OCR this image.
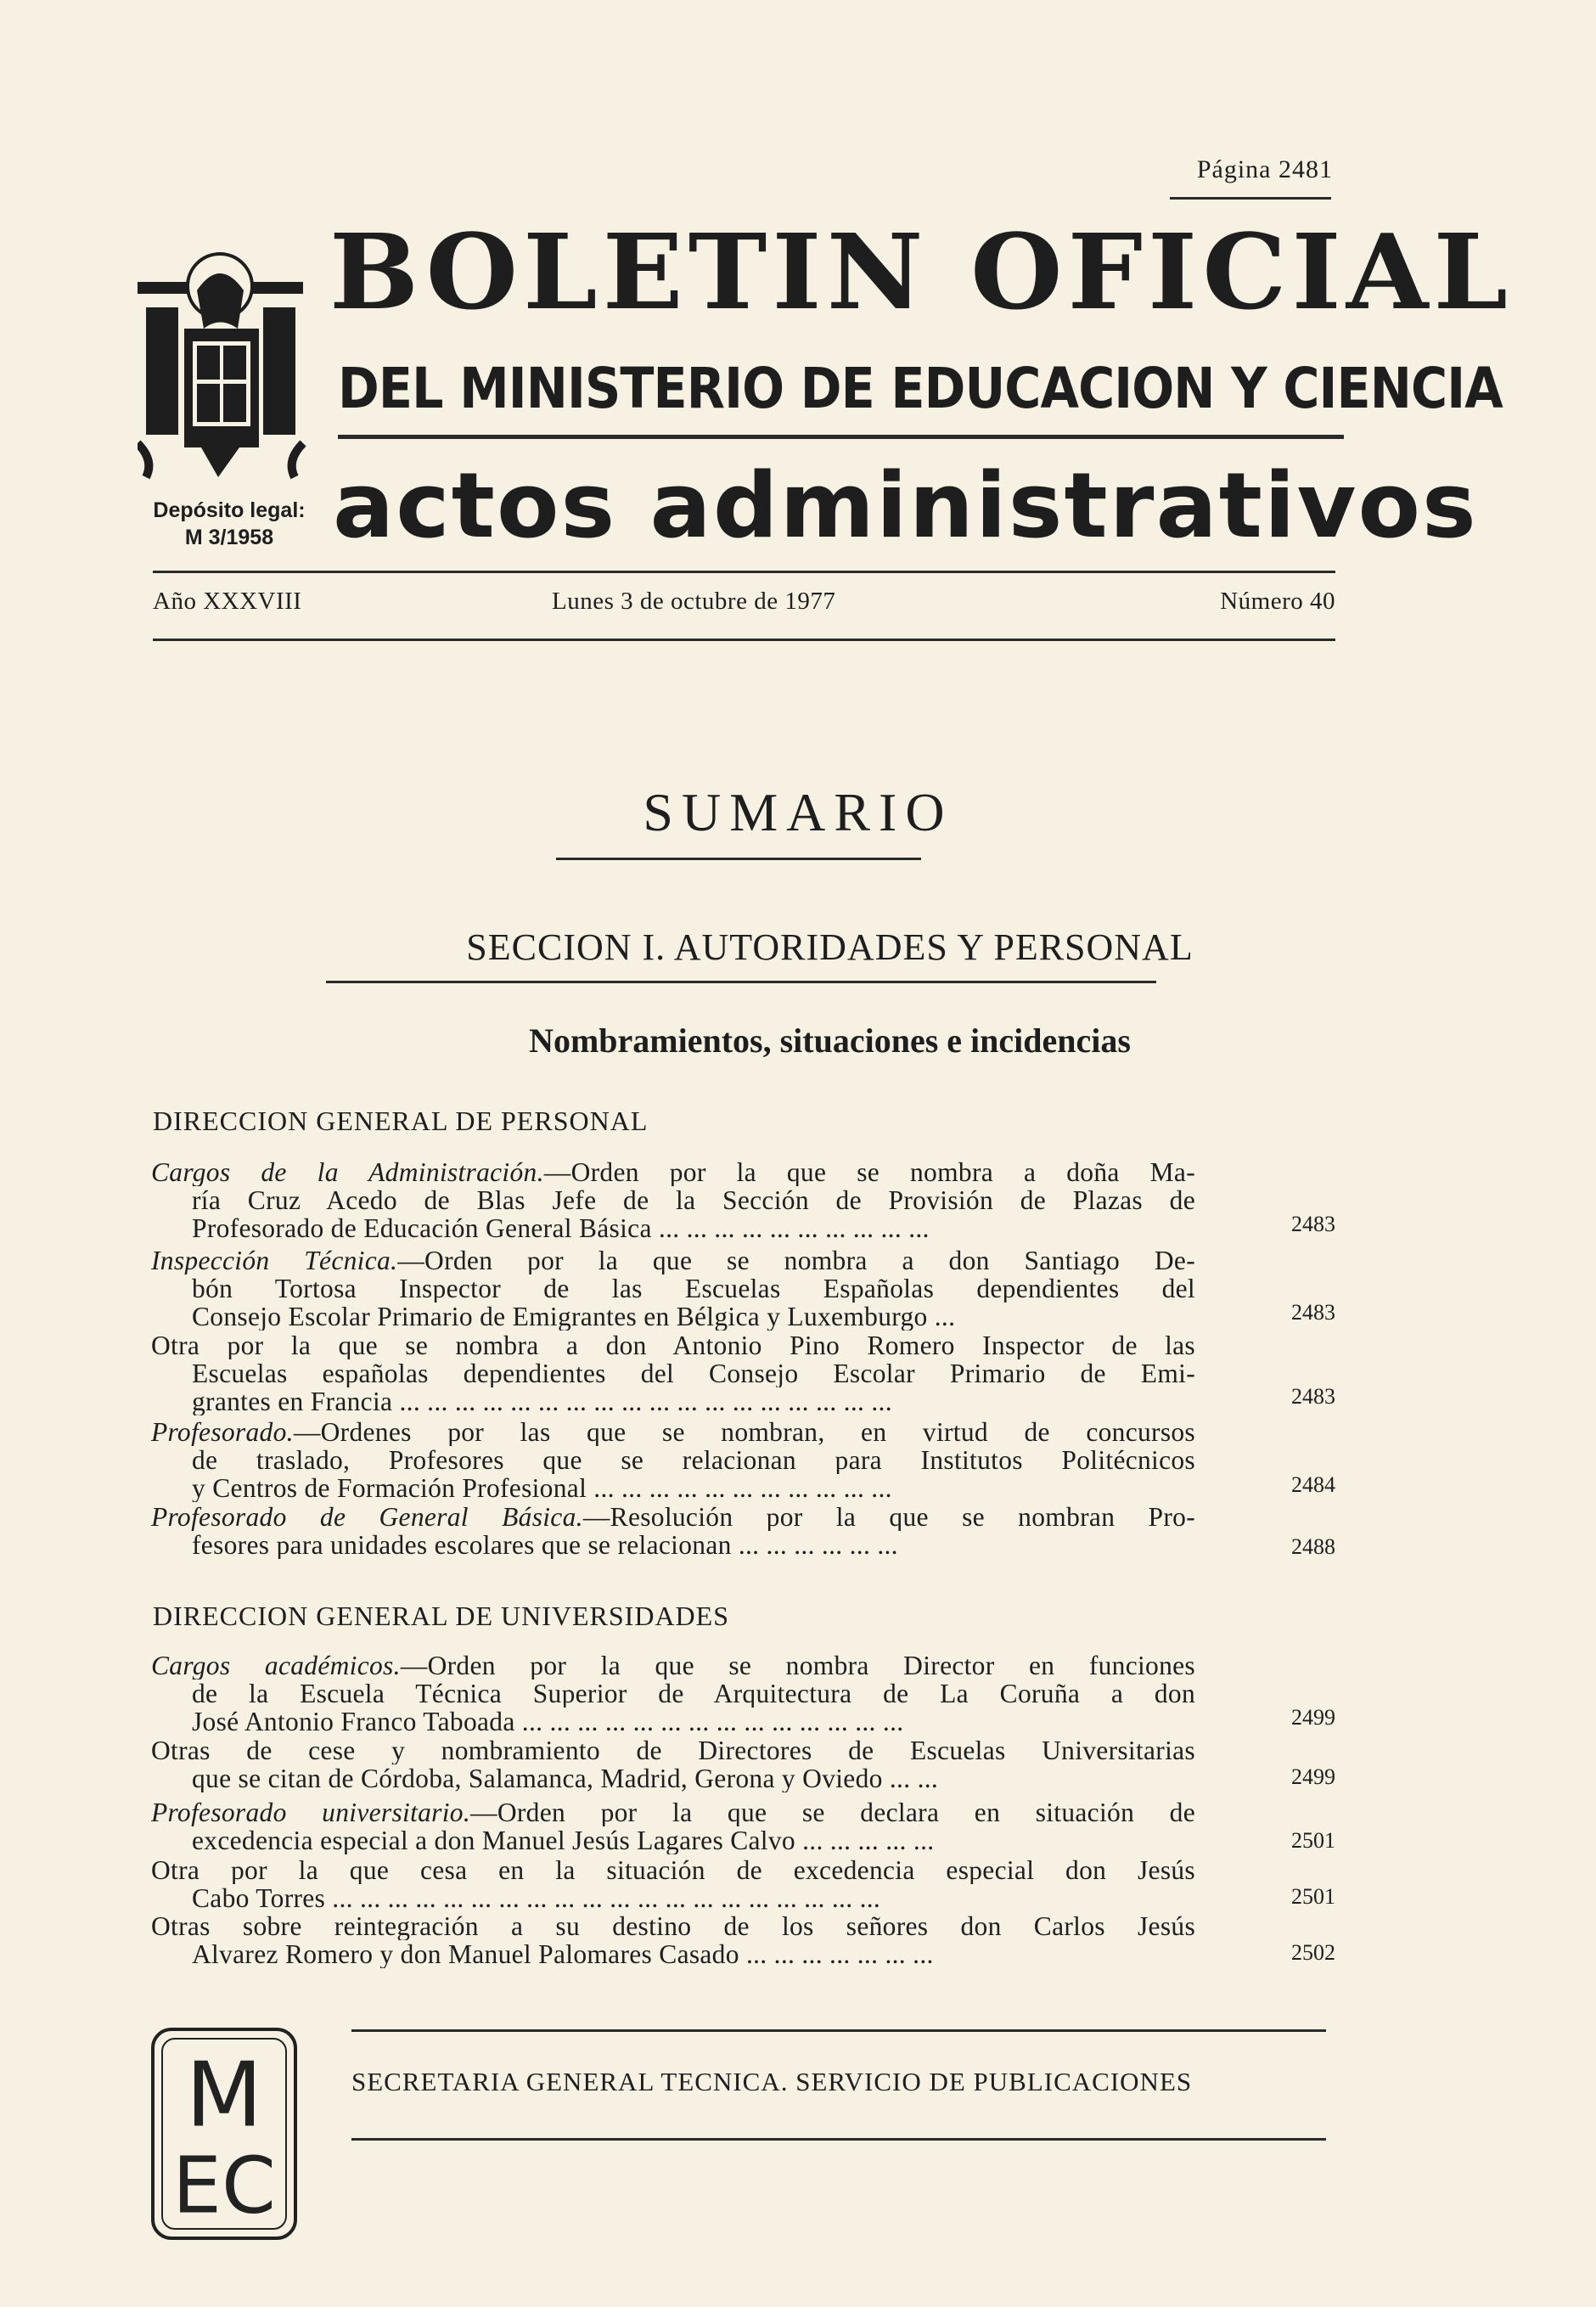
Página 2481
Depósito legal:
M 3/1958
BOLETIN OFICIAL
DEL MINISTERIO DE EDUCACION Y CIENCIA
actos administrativos
Año XXXVIII	Lunes 3 de octubre de 1977	Número 40
SUMARIO
SECCION I. AUTORIDADES Y PERSONAL
Nombramientos, situaciones e incidencias
DIRECCION GENERAL DE PERSONAL
Cargos de la Administración.—Orden por la que se nombra a doña Ma-
ría Cruz Acedo de Blas Jefe de la Sección de Provisión de Plazas de
Profesorado de Educación General Básica ... ... ... ... ... ... ... ... ... ...	2483
Inspección Técnica.—Orden por la que se nombra a don Santiago De-
bón Tortosa Inspector de las Escuelas Españolas dependientes del
Consejo Escolar Primario de Emigrantes en Bélgica y Luxemburgo ...	2483
Otra por la que se nombra a don Antonio Pino Romero Inspector de las
Escuelas españolas dependientes del Consejo Escolar Primario de Emi-
grantes en Francia ... ... ... ... ... ... ... ... ... ... ... ... ... ... ... ... ... ...	2483
Profesorado.—Ordenes por las que se nombran, en virtud de concursos
de traslado, Profesores que se relacionan para Institutos Politécnicos
y Centros de Formación Profesional ... ... ... ... ... ... ... ... ... ... ...	2484
Profesorado de General Básica.—Resolución por la que se nombran Pro-
fesores para unidades escolares que se relacionan ... ... ... ... ... ...	2488
DIRECCION GENERAL DE UNIVERSIDADES
Cargos académicos.—Orden por la que se nombra Director en funciones
de la Escuela Técnica Superior de Arquitectura de La Coruña a don
José Antonio Franco Taboada ... ... ... ... ... ... ... ... ... ... ... ... ... ...	2499
Otras de cese y nombramiento de Directores de Escuelas Universitarias
que se citan de Córdoba, Salamanca, Madrid, Gerona y Oviedo ... ...	2499
Profesorado universitario.—Orden por la que se declara en situación de
excedencia especial a don Manuel Jesús Lagares Calvo ... ... ... ... ...	2501
Otra por la que cesa en la situación de excedencia especial don Jesús
Cabo Torres ... ... ... ... ... ... ... ... ... ... ... ... ... ... ... ... ... ... ... ...	2501
Otras sobre reintegración a su destino de los señores don Carlos Jesús
Alvarez Romero y don Manuel Palomares Casado ... ... ... ... ... ... ...	2502
M
EC
SECRETARIA GENERAL TECNICA. SERVICIO DE PUBLICACIONES
